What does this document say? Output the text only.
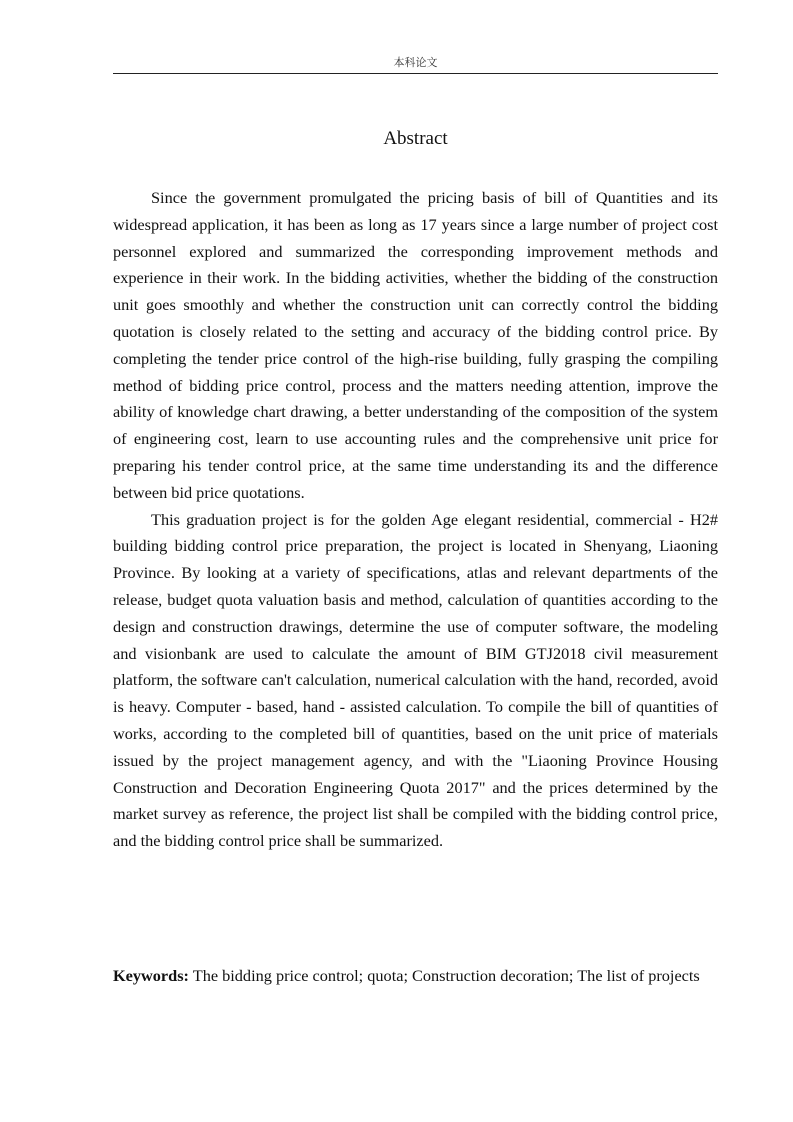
本科论文
Abstract

Since the government promulgated the pricing basis of bill of Quantities and its widespread application, it has been as long as 17 years since a large number of project cost personnel explored and summarized the corresponding improvement methods and experience in their work. In the bidding activities, whether the bidding of the construction unit goes smoothly and whether the construction unit can correctly control the bidding quotation is closely related to the setting and accuracy of the bidding control price. By completing the tender price control of the high-rise building, fully grasping the compiling method of bidding price control, process and the matters needing attention, improve the ability of knowledge chart drawing, a better understanding of the composition of the system of engineering cost, learn to use accounting rules and the comprehensive unit price for preparing his tender control price, at the same time understanding its and the difference between bid price quotations.

This graduation project is for the golden Age elegant residential, commercial - H2# building bidding control price preparation, the project is located in Shenyang, Liaoning Province. By looking at a variety of specifications, atlas and relevant departments of the release, budget quota valuation basis and method, calculation of quantities according to the design and construction drawings, determine the use of computer software, the modeling and visionbank are used to calculate the amount of BIM GTJ2018 civil measurement platform, the software can't calculation, numerical calculation with the hand, recorded, avoid is heavy. Computer - based, hand - assisted calculation. To compile the bill of quantities of works, according to the completed bill of quantities, based on the unit price of materials issued by the project management agency, and with the "Liaoning Province Housing Construction and Decoration Engineering Quota 2017" and the prices determined by the market survey as reference, the project list shall be compiled with the bidding control price, and the bidding control price shall be summarized.

Keywords: The bidding price control; quota; Construction decoration; The list of projects
